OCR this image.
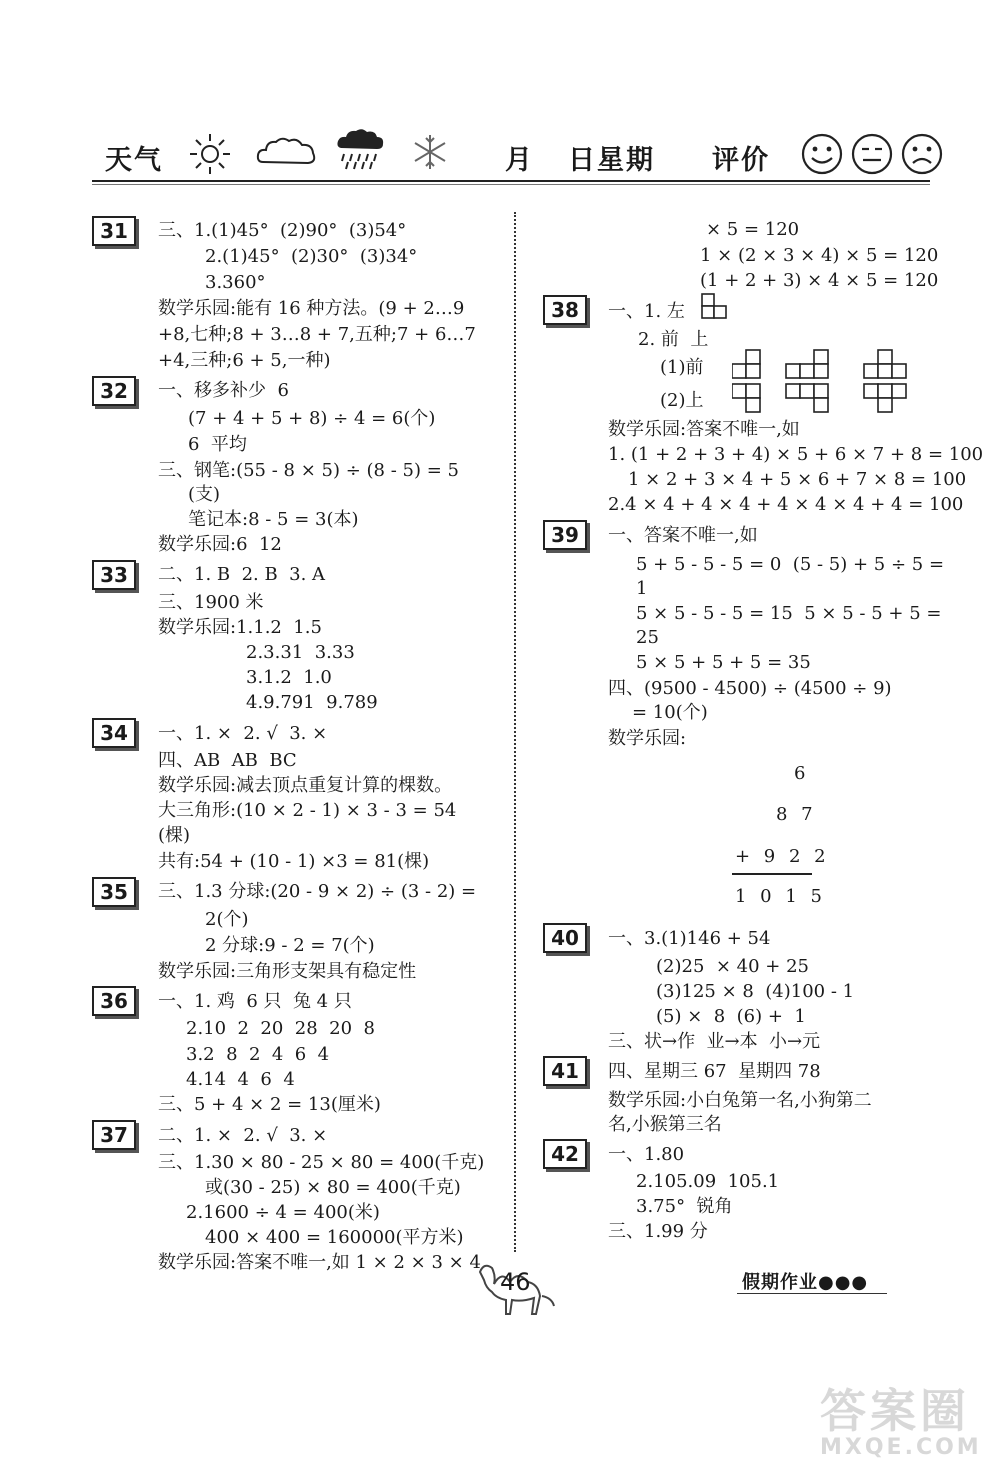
天气	月 日星期 评价
31	三、1.(1)45°  (2)90°  (3)54°
2.(1)45°  (2)30°  (3)34°
3.360°
数学乐园:能有 16 种方法。(9 + 2…9
+8,七种;8 + 3…8 + 7,五种;7 + 6…7
+4,三种;6 + 5,一种)
32	一、移多补少  6
(7 + 4 + 5 + 8) ÷ 4 = 6(个)
6  平均
三、钢笔:(55 - 8 × 5) ÷ (8 - 5) = 5
(支)
笔记本:8 - 5 = 3(本)
数学乐园:6  12
33	二、1. B  2. B  3. A
三、1900 米
数学乐园:1.1.2  1.5
2.3.31  3.33
3.1.2  1.0
4.9.791  9.789
34	一、1. ×  2. √  3. ×
四、AB  AB  BC
数学乐园:减去顶点重复计算的棵数。
大三角形:(10 × 2 - 1) × 3 - 3 = 54
(棵)
共有:54 + (10 - 1) ×3 = 81(棵)
35	三、1.3 分球:(20 - 9 × 2) ÷ (3 - 2) =
2(个)
2 分球:9 - 2 = 7(个)
数学乐园:三角形支架具有稳定性
36	一、1. 鸡  6 只  兔 4 只
2.10  2  20  28  20  8
3.2  8  2  4  6  4
4.14  4  6  4
三、5 + 4 × 2 = 13(厘米)
37	二、1. ×  2. √  3. ×
三、1.30 × 80 - 25 × 80 = 400(千克)
或(30 - 25) × 80 = 400(千克)
2.1600 ÷ 4 = 400(米)
400 × 400 = 160000(平方米)
数学乐园:答案不唯一,如 1 × 2 × 3 × 4
× 5 = 120
1 × (2 × 3 × 4) × 5 = 120
(1 + 2 + 3) × 4 × 5 = 120
38	一、1. 左
2. 前  上
(1)前
(2)上
数学乐园:答案不唯一,如
1. (1 + 2 + 3 + 4) × 5 + 6 × 7 + 8 = 100
1 × 2 + 3 × 4 + 5 × 6 + 7 × 8 = 100
2.4 × 4 + 4 × 4 + 4 × 4 × 4 + 4 = 100
39	一、答案不唯一,如
5 + 5 - 5 - 5 = 0  (5 - 5) + 5 ÷ 5 =
1
5 × 5 - 5 - 5 = 15  5 × 5 - 5 + 5 =
25
5 × 5 + 5 + 5 = 35
四、(9500 - 4500) ÷ (4500 ÷ 9)
= 10(个)
数学乐园:
6
8 7
+ 9 2 2
1 0 1 5
40	一、3.(1)146 + 54
(2)25  × 40 + 25
(3)125 × 8  (4)100 - 1
(5) ×  8  (6) +  1
三、状→作  业→本  小→元
41	四、星期三 67  星期四 78
数学乐园:小白兔第一名,小狗第二
名,小猴第三名
42	一、1.80
2.105.09  105.1
3.75°  锐角
三、1.99 分
46	假期作业●●●
答案圈
MXQE.COM
